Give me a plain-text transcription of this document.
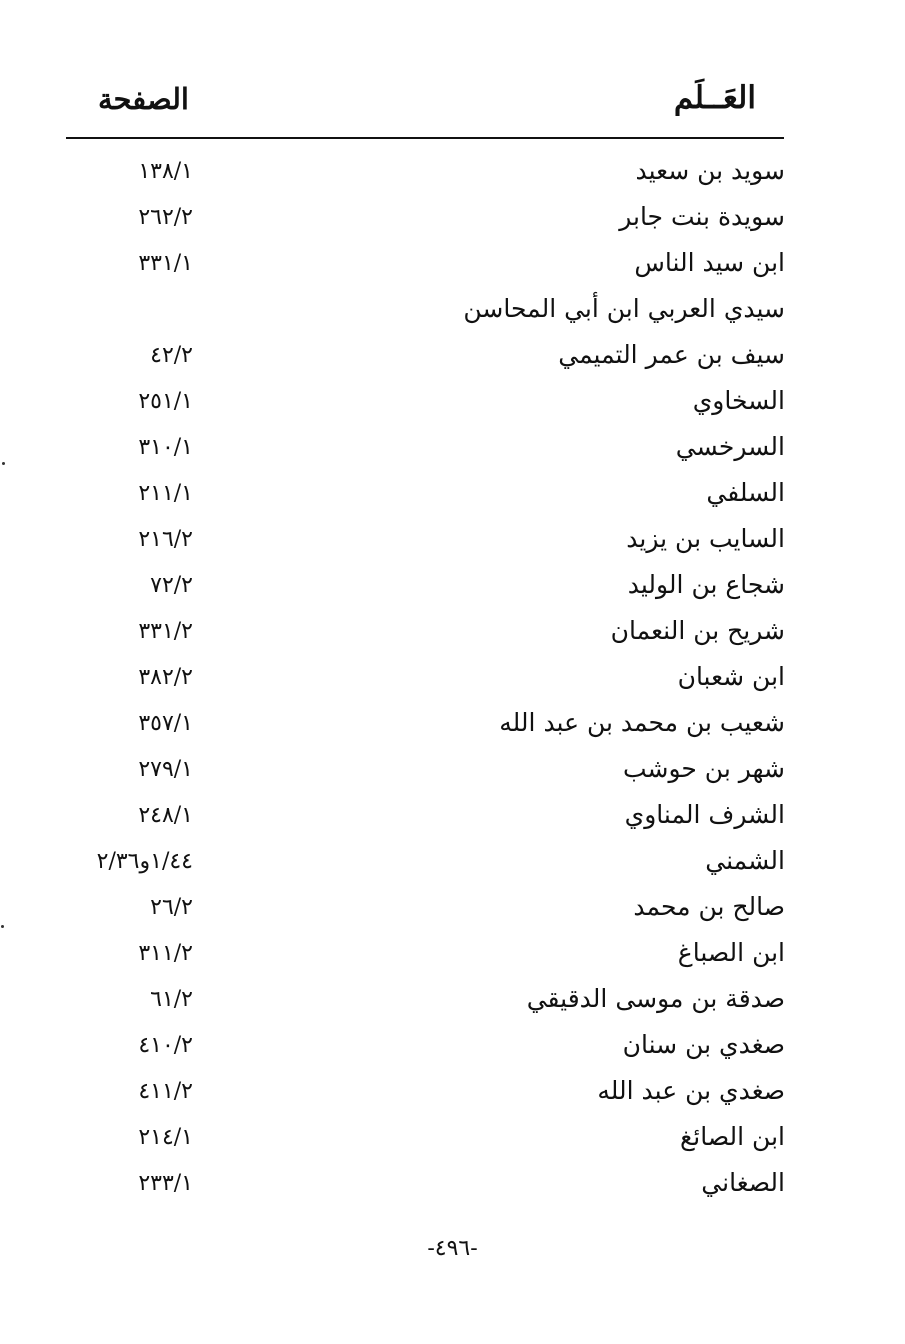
العَــلَم
الصفحة
سويد بن سعيد
١٣٨/١
سويدة بنت جابر
٢٦٢/٢
ابن سيد الناس
٣٣١/١
سيدي العربي ابن أبي المحاسن
سيف بن عمر التميمي
٤٢/٢
السخاوي
٢٥١/١
السرخسي
٣١٠/١
السلفي
٢١١/١
السايب بن يزيد
٢١٦/٢
شجاع بن الوليد
٧٢/٢
شريح بن النعمان
٣٣١/٢
ابن شعبان
٣٨٢/٢
شعيب بن محمد بن عبد الله
٣٥٧/١
شهر بن حوشب
٢٧٩/١
الشرف المناوي
٢٤٨/١
الشمني
١/٤٤و٢/٣٦
صالح بن محمد
٢٦/٢
ابن الصباغ
٣١١/٢
صدقة بن موسى الدقيقي
٦١/٢
صغدي بن سنان
٤١٠/٢
صغدي بن عبد الله
٤١١/٢
ابن الصائغ
٢١٤/١
الصغاني
٢٣٣/١
-٤٩٦-
